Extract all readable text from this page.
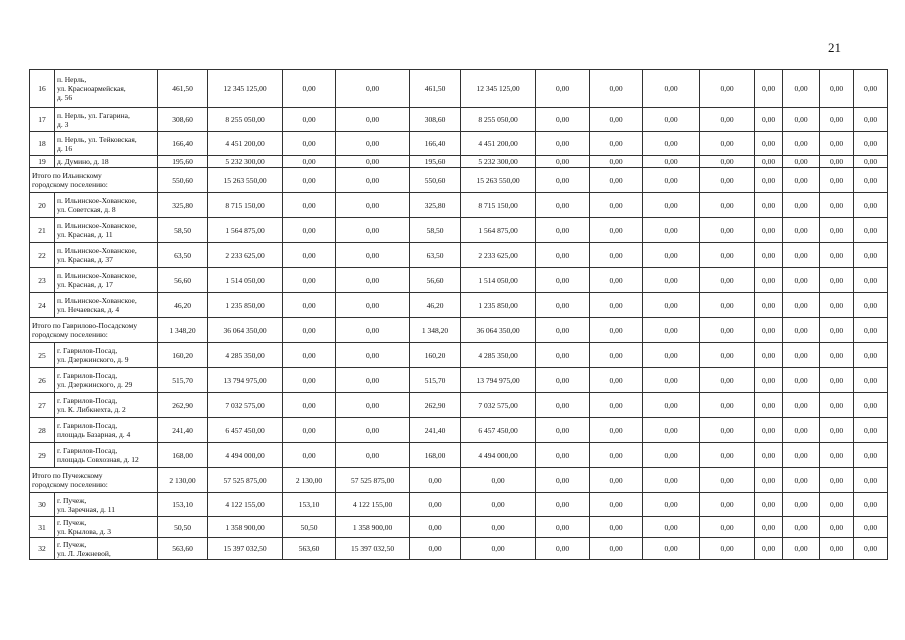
21
16	п. Нерль,
ул. Красноармейская,
д. 56	461,50	12 345 125,00	0,00	0,00	461,50	12 345 125,00	0,00	0,00	0,00	0,00	0,00	0,00	0,00	0,00
17	п. Нерль, ул. Гагарина,
д. 3	308,60	8 255 050,00	0,00	0,00	308,60	8 255 050,00	0,00	0,00	0,00	0,00	0,00	0,00	0,00	0,00
18	п. Нерль, ул. Тейковская,
д. 16	166,40	4 451 200,00	0,00	0,00	166,40	4 451 200,00	0,00	0,00	0,00	0,00	0,00	0,00	0,00	0,00
19	д. Думино, д. 18	195,60	5 232 300,00	0,00	0,00	195,60	5 232 300,00	0,00	0,00	0,00	0,00	0,00	0,00	0,00	0,00
Итого по Ильинскому
городскому поселению:		550,60	15 263 550,00	0,00	0,00	550,60	15 263 550,00	0,00	0,00	0,00	0,00	0,00	0,00	0,00	0,00
20	п. Ильинское-Хованское,
ул. Советская, д. 8	325,80	8 715 150,00	0,00	0,00	325,80	8 715 150,00	0,00	0,00	0,00	0,00	0,00	0,00	0,00	0,00
21	п. Ильинское-Хованское,
ул. Красная, д. 11	58,50	1 564 875,00	0,00	0,00	58,50	1 564 875,00	0,00	0,00	0,00	0,00	0,00	0,00	0,00	0,00
22	п. Ильинское-Хованское,
ул. Красная, д. 37	63,50	2 233 625,00	0,00	0,00	63,50	2 233 625,00	0,00	0,00	0,00	0,00	0,00	0,00	0,00	0,00
23	п. Ильинское-Хованское,
ул. Красная, д. 17	56,60	1 514 050,00	0,00	0,00	56,60	1 514 050,00	0,00	0,00	0,00	0,00	0,00	0,00	0,00	0,00
24	п. Ильинское-Хованское,
ул. Нечаевская, д. 4	46,20	1 235 850,00	0,00	0,00	46,20	1 235 850,00	0,00	0,00	0,00	0,00	0,00	0,00	0,00	0,00
Итого по Гаврилово-Посадскому
городскому поселению:		1 348,20	36 064 350,00	0,00	0,00	1 348,20	36 064 350,00	0,00	0,00	0,00	0,00	0,00	0,00	0,00	0,00
25	г. Гаврилов-Посад,
ул. Дзержинского, д. 9	160,20	4 285 350,00	0,00	0,00	160,20	4 285 350,00	0,00	0,00	0,00	0,00	0,00	0,00	0,00	0,00
26	г. Гаврилов-Посад,
ул. Дзержинского, д. 29	515,70	13 794 975,00	0,00	0,00	515,70	13 794 975,00	0,00	0,00	0,00	0,00	0,00	0,00	0,00	0,00
27	г. Гаврилов-Посад,
ул. К. Либкнехта, д. 2	262,90	7 032 575,00	0,00	0,00	262,90	7 032 575,00	0,00	0,00	0,00	0,00	0,00	0,00	0,00	0,00
28	г. Гаврилов-Посад,
площадь Базарная, д. 4	241,40	6 457 450,00	0,00	0,00	241,40	6 457 450,00	0,00	0,00	0,00	0,00	0,00	0,00	0,00	0,00
29	г. Гаврилов-Посад,
площадь Совхозная, д. 12	168,00	4 494 000,00	0,00	0,00	168,00	4 494 000,00	0,00	0,00	0,00	0,00	0,00	0,00	0,00	0,00
Итого по Пучежскому
городскому поселению:		2 130,00	57 525 875,00	2 130,00	57 525 875,00	0,00	0,00	0,00	0,00	0,00	0,00	0,00	0,00	0,00	0,00
30	г. Пучеж,
ул. Заречная, д. 11	153,10	4 122 155,00	153,10	4 122 155,00	0,00	0,00	0,00	0,00	0,00	0,00	0,00	0,00	0,00	0,00
31	г. Пучеж,
ул. Крылова, д. 3	50,50	1 358 900,00	50,50	1 358 900,00	0,00	0,00	0,00	0,00	0,00	0,00	0,00	0,00	0,00	0,00
32	г. Пучеж,
ул. Л. Лежневой,	563,60	15 397 032,50	563,60	15 397 032,50	0,00	0,00	0,00	0,00	0,00	0,00	0,00	0,00	0,00	0,00
